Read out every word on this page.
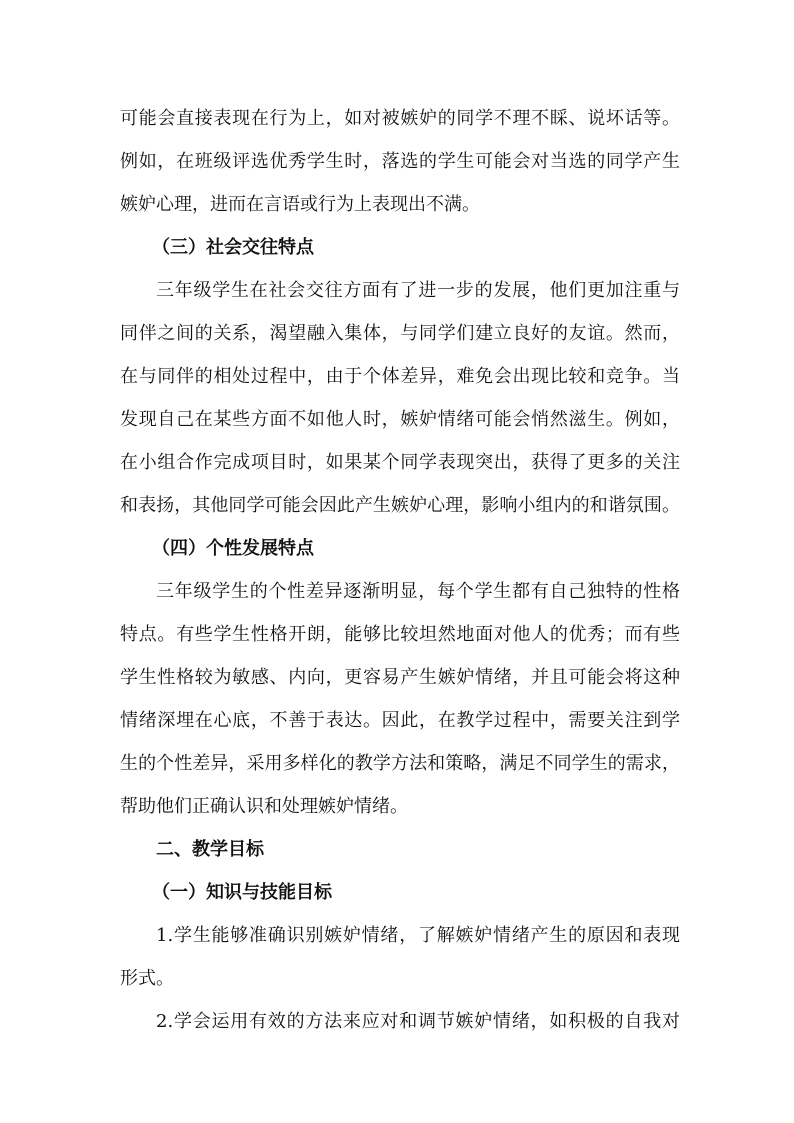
可能会直接表现在行为上，如对被嫉妒的同学不理不睬、说坏话等。
例如，在班级评选优秀学生时，落选的学生可能会对当选的同学产生
嫉妒心理，进而在言语或行为上表现出不满。
（三）社会交往特点
三年级学生在社会交往方面有了进一步的发展，他们更加注重与
同伴之间的关系，渴望融入集体，与同学们建立良好的友谊。然而，
在与同伴的相处过程中，由于个体差异，难免会出现比较和竞争。当
发现自己在某些方面不如他人时，嫉妒情绪可能会悄然滋生。例如，
在小组合作完成项目时，如果某个同学表现突出，获得了更多的关注
和表扬，其他同学可能会因此产生嫉妒心理，影响小组内的和谐氛围。
（四）个性发展特点
三年级学生的个性差异逐渐明显，每个学生都有自己独特的性格
特点。有些学生性格开朗，能够比较坦然地面对他人的优秀；而有些
学生性格较为敏感、内向，更容易产生嫉妒情绪，并且可能会将这种
情绪深埋在心底，不善于表达。因此，在教学过程中，需要关注到学
生的个性差异，采用多样化的教学方法和策略，满足不同学生的需求，
帮助他们正确认识和处理嫉妒情绪。
二、教学目标
（一）知识与技能目标
1.学生能够准确识别嫉妒情绪，了解嫉妒情绪产生的原因和表现
形式。
2.学会运用有效的方法来应对和调节嫉妒情绪，如积极的自我对
